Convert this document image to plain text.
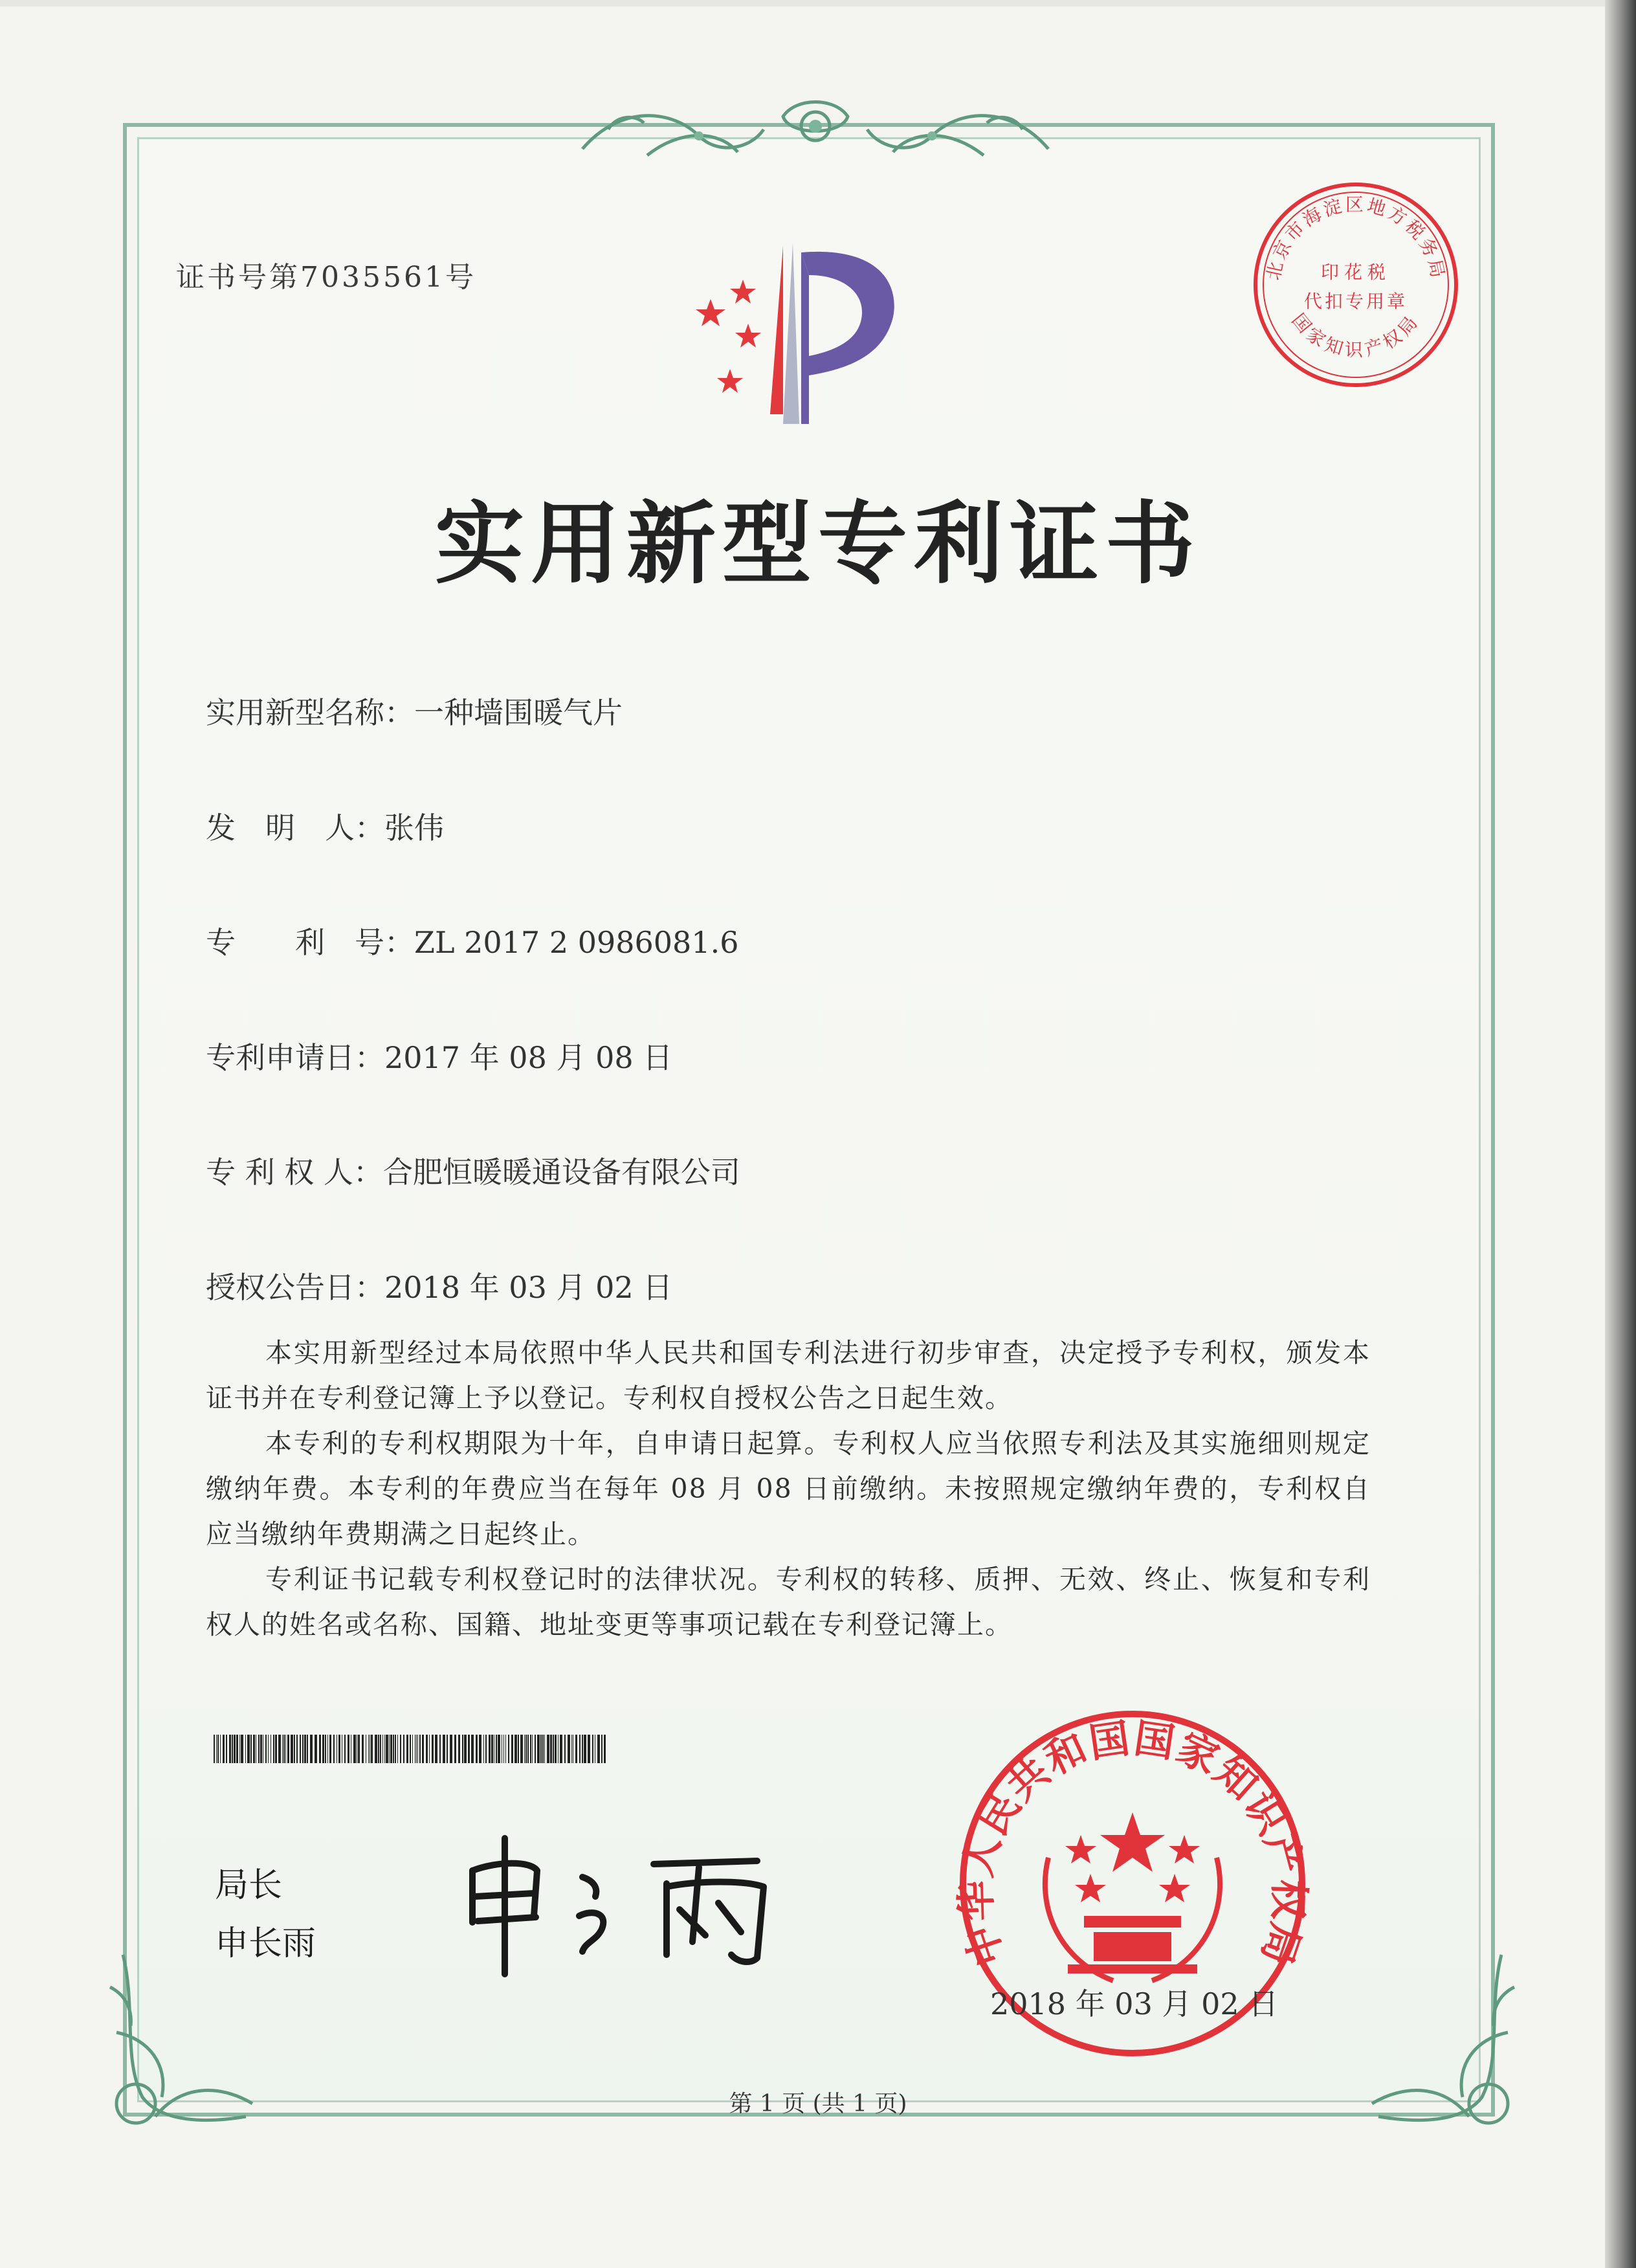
证书号第7035561号	北京市海淀区地方税务局
印花税
代扣专用章
国家知识产权局
实用新型专利证书
实用新型名称：一种墙围暖气片
发　明　人：张伟
专　　利　号：ZL 2017 2 0986081.6
专利申请日：2017 年 08 月 08 日
专 利 权 人：合肥恒暖暖通设备有限公司
授权公告日：2018 年 03 月 02 日

本实用新型经过本局依照中华人民共和国专利法进行初步审查，决定授予专利权，颁发本证书并在专利登记簿上予以登记。专利权自授权公告之日起生效。

本专利的专利权期限为十年，自申请日起算。专利权人应当依照专利法及其实施细则规定缴纳年费。本专利的年费应当在每年 08 月 08 日前缴纳。未按照规定缴纳年费的，专利权自应当缴纳年费期满之日起终止。

专利证书记载专利权登记时的法律状况。专利权的转移、质押、无效、终止、恢复和专利权人的姓名或名称、国籍、地址变更等事项记载在专利登记簿上。

局长
申长雨	中华人民共和国国家知识产权局
2018 年 03 月 02 日
第 1 页 (共 1 页)
